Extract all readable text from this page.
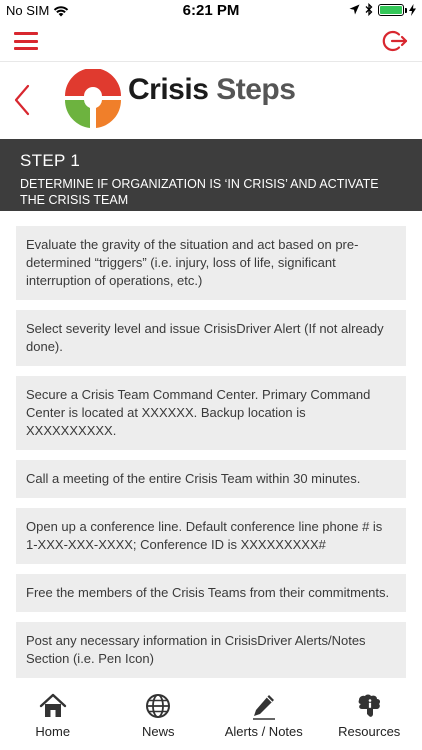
No SIM	6:21 PM
Crisis Steps
STEP 1
DETERMINE IF ORGANIZATION IS ‘IN CRISIS’ AND ACTIVATE THE CRISIS TEAM
Evaluate the gravity of the situation and act based on pre-determined “triggers” (i.e. injury, loss of life, significant interruption of operations, etc.)
Select severity level and issue CrisisDriver Alert (If not already done).
Secure a Crisis Team Command Center. Primary Command Center is located at XXXXXX. Backup location is XXXXXXXXXX.
Call a meeting of the entire Crisis Team within 30 minutes.
Open up a conference line. Default conference line phone # is 1-XXX-XXX-XXXX; Conference ID is XXXXXXXXX#
Free the members of the Crisis Teams from their commitments.
Post any necessary information in CrisisDriver Alerts/Notes Section (i.e. Pen Icon)
Home	News	Alerts / Notes	Resources
